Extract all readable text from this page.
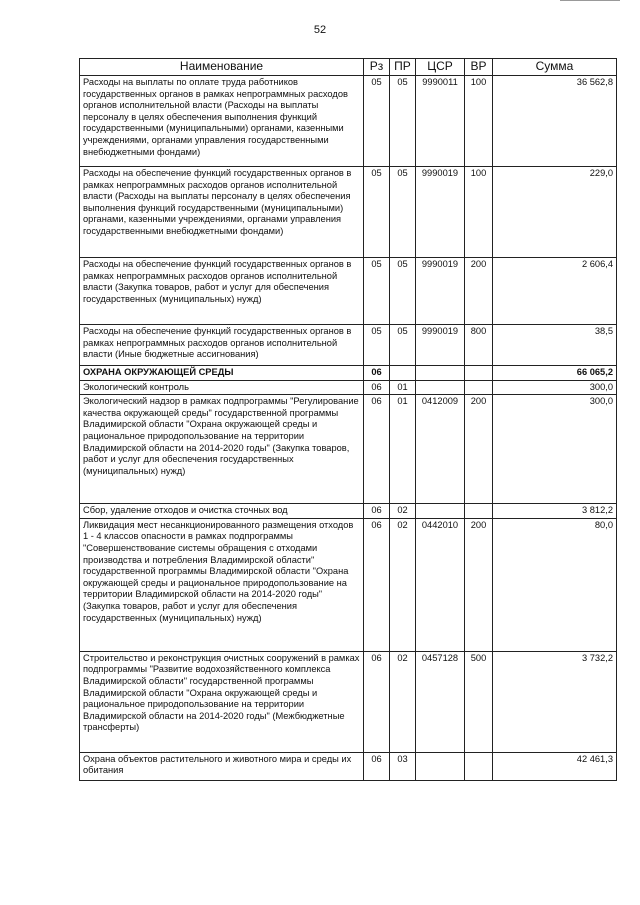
52
Наименование	Рз	ПР	ЦСР	ВР	Сумма
Расходы на выплаты по оплате труда работников государственных органов в рамках непрограммных расходов органов исполнительной власти (Расходы на выплаты персоналу в целях обеспечения выполнения функций государственными (муниципальными) органами, казенными учреждениями, органами управления государственными внебюджетными фондами)	05	05	9990011	100	36 562,8
Расходы на обеспечение функций государственных органов в рамках непрограммных расходов органов исполнительной власти (Расходы на выплаты персоналу в целях обеспечения выполнения функций государственными (муниципальными) органами, казенными учреждениями, органами управления государственными внебюджетными фондами)	05	05	9990019	100	229,0
Расходы на обеспечение функций государственных органов в рамках непрограммных расходов органов исполнительной власти (Закупка товаров, работ и услуг для обеспечения государственных (муниципальных) нужд)	05	05	9990019	200	2 606,4
Расходы на обеспечение функций государственных органов в рамках непрограммных расходов органов исполнительной власти (Иные бюджетные ассигнования)	05	05	9990019	800	38,5
ОХРАНА ОКРУЖАЮЩЕЙ СРЕДЫ	06				66 065,2
Экологический контроль	06	01			300,0
Экологический надзор в рамках подпрограммы "Регулирование качества окружающей среды" государственной программы Владимирской области "Охрана окружающей среды и рациональное природопользование на территории Владимирской области на 2014-2020 годы" (Закупка товаров, работ и услуг для обеспечения государственных (муниципальных) нужд)	06	01	0412009	200	300,0
Сбор, удаление отходов и очистка сточных вод	06	02			3 812,2
Ликвидация мест несанкционированного размещения отходов 1 - 4 классов опасности в рамках подпрограммы "Совершенствование системы обращения с отходами производства и потребления Владимирской области" государственной программы Владимирской области "Охрана окружающей среды и рациональное природопользование на территории Владимирской области на 2014-2020 годы" (Закупка товаров, работ и услуг для обеспечения государственных (муниципальных) нужд)	06	02	0442010	200	80,0
Строительство и реконструкция очистных сооружений в рамках подпрограммы "Развитие водохозяйственного комплекса Владимирской области" государственной программы Владимирской области "Охрана окружающей среды и рациональное природопользование на территории Владимирской области на 2014-2020 годы" (Межбюджетные трансферты)	06	02	0457128	500	3 732,2
Охрана объектов растительного и животного мира и среды их обитания	06	03			42 461,3
